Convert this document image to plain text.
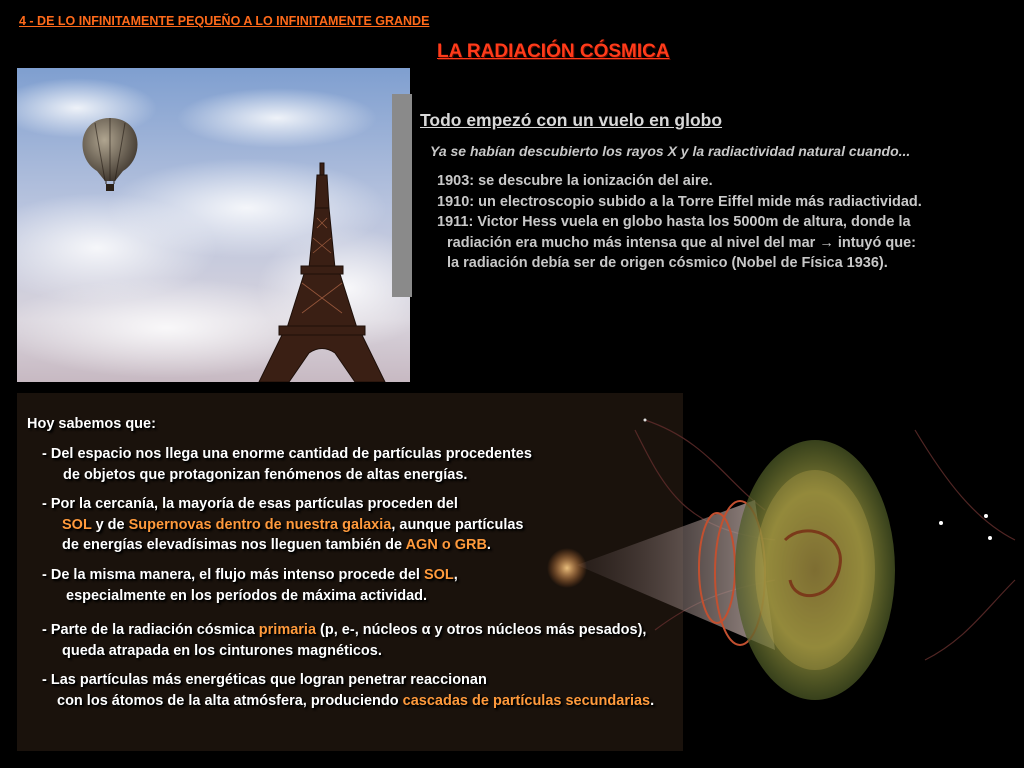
4 - DE LO INFINITAMENTE PEQUEÑO A LO INFINITAMENTE GRANDE
LA RADIACIÓN CÓSMICA
Todo empezó con un vuelo en globo
Ya se habían descubierto los rayos X y la radiactividad natural cuando...
1903: se descubre la ionización del aire.
1910: un electroscopio subido a la Torre Eiffel mide más radiactividad.
1911: Victor Hess vuela en globo hasta los 5000m de altura, donde la
radiación era mucho más intensa que al nivel del mar → intuyó que:
la radiación debía ser de origen cósmico (Nobel de Física 1936).
Hoy sabemos que:
- Del espacio nos llega una enorme cantidad de partículas procedentes
de objetos que protagonizan fenómenos de altas energías.
- Por la cercanía, la mayoría de esas partículas proceden del
SOL y de Supernovas dentro de nuestra galaxia, aunque partículas
de energías elevadísimas nos lleguen también de AGN o GRB.
- De la misma manera, el flujo más intenso procede del SOL,
especialmente en los períodos de máxima actividad.
- Parte de la radiación cósmica primaria (p, e-, núcleos α y otros núcleos más pesados),
queda atrapada en los cinturones magnéticos.
- Las partículas más energéticas que logran penetrar reaccionan
con los átomos de la alta atmósfera, produciendo cascadas de partículas secundarias.
